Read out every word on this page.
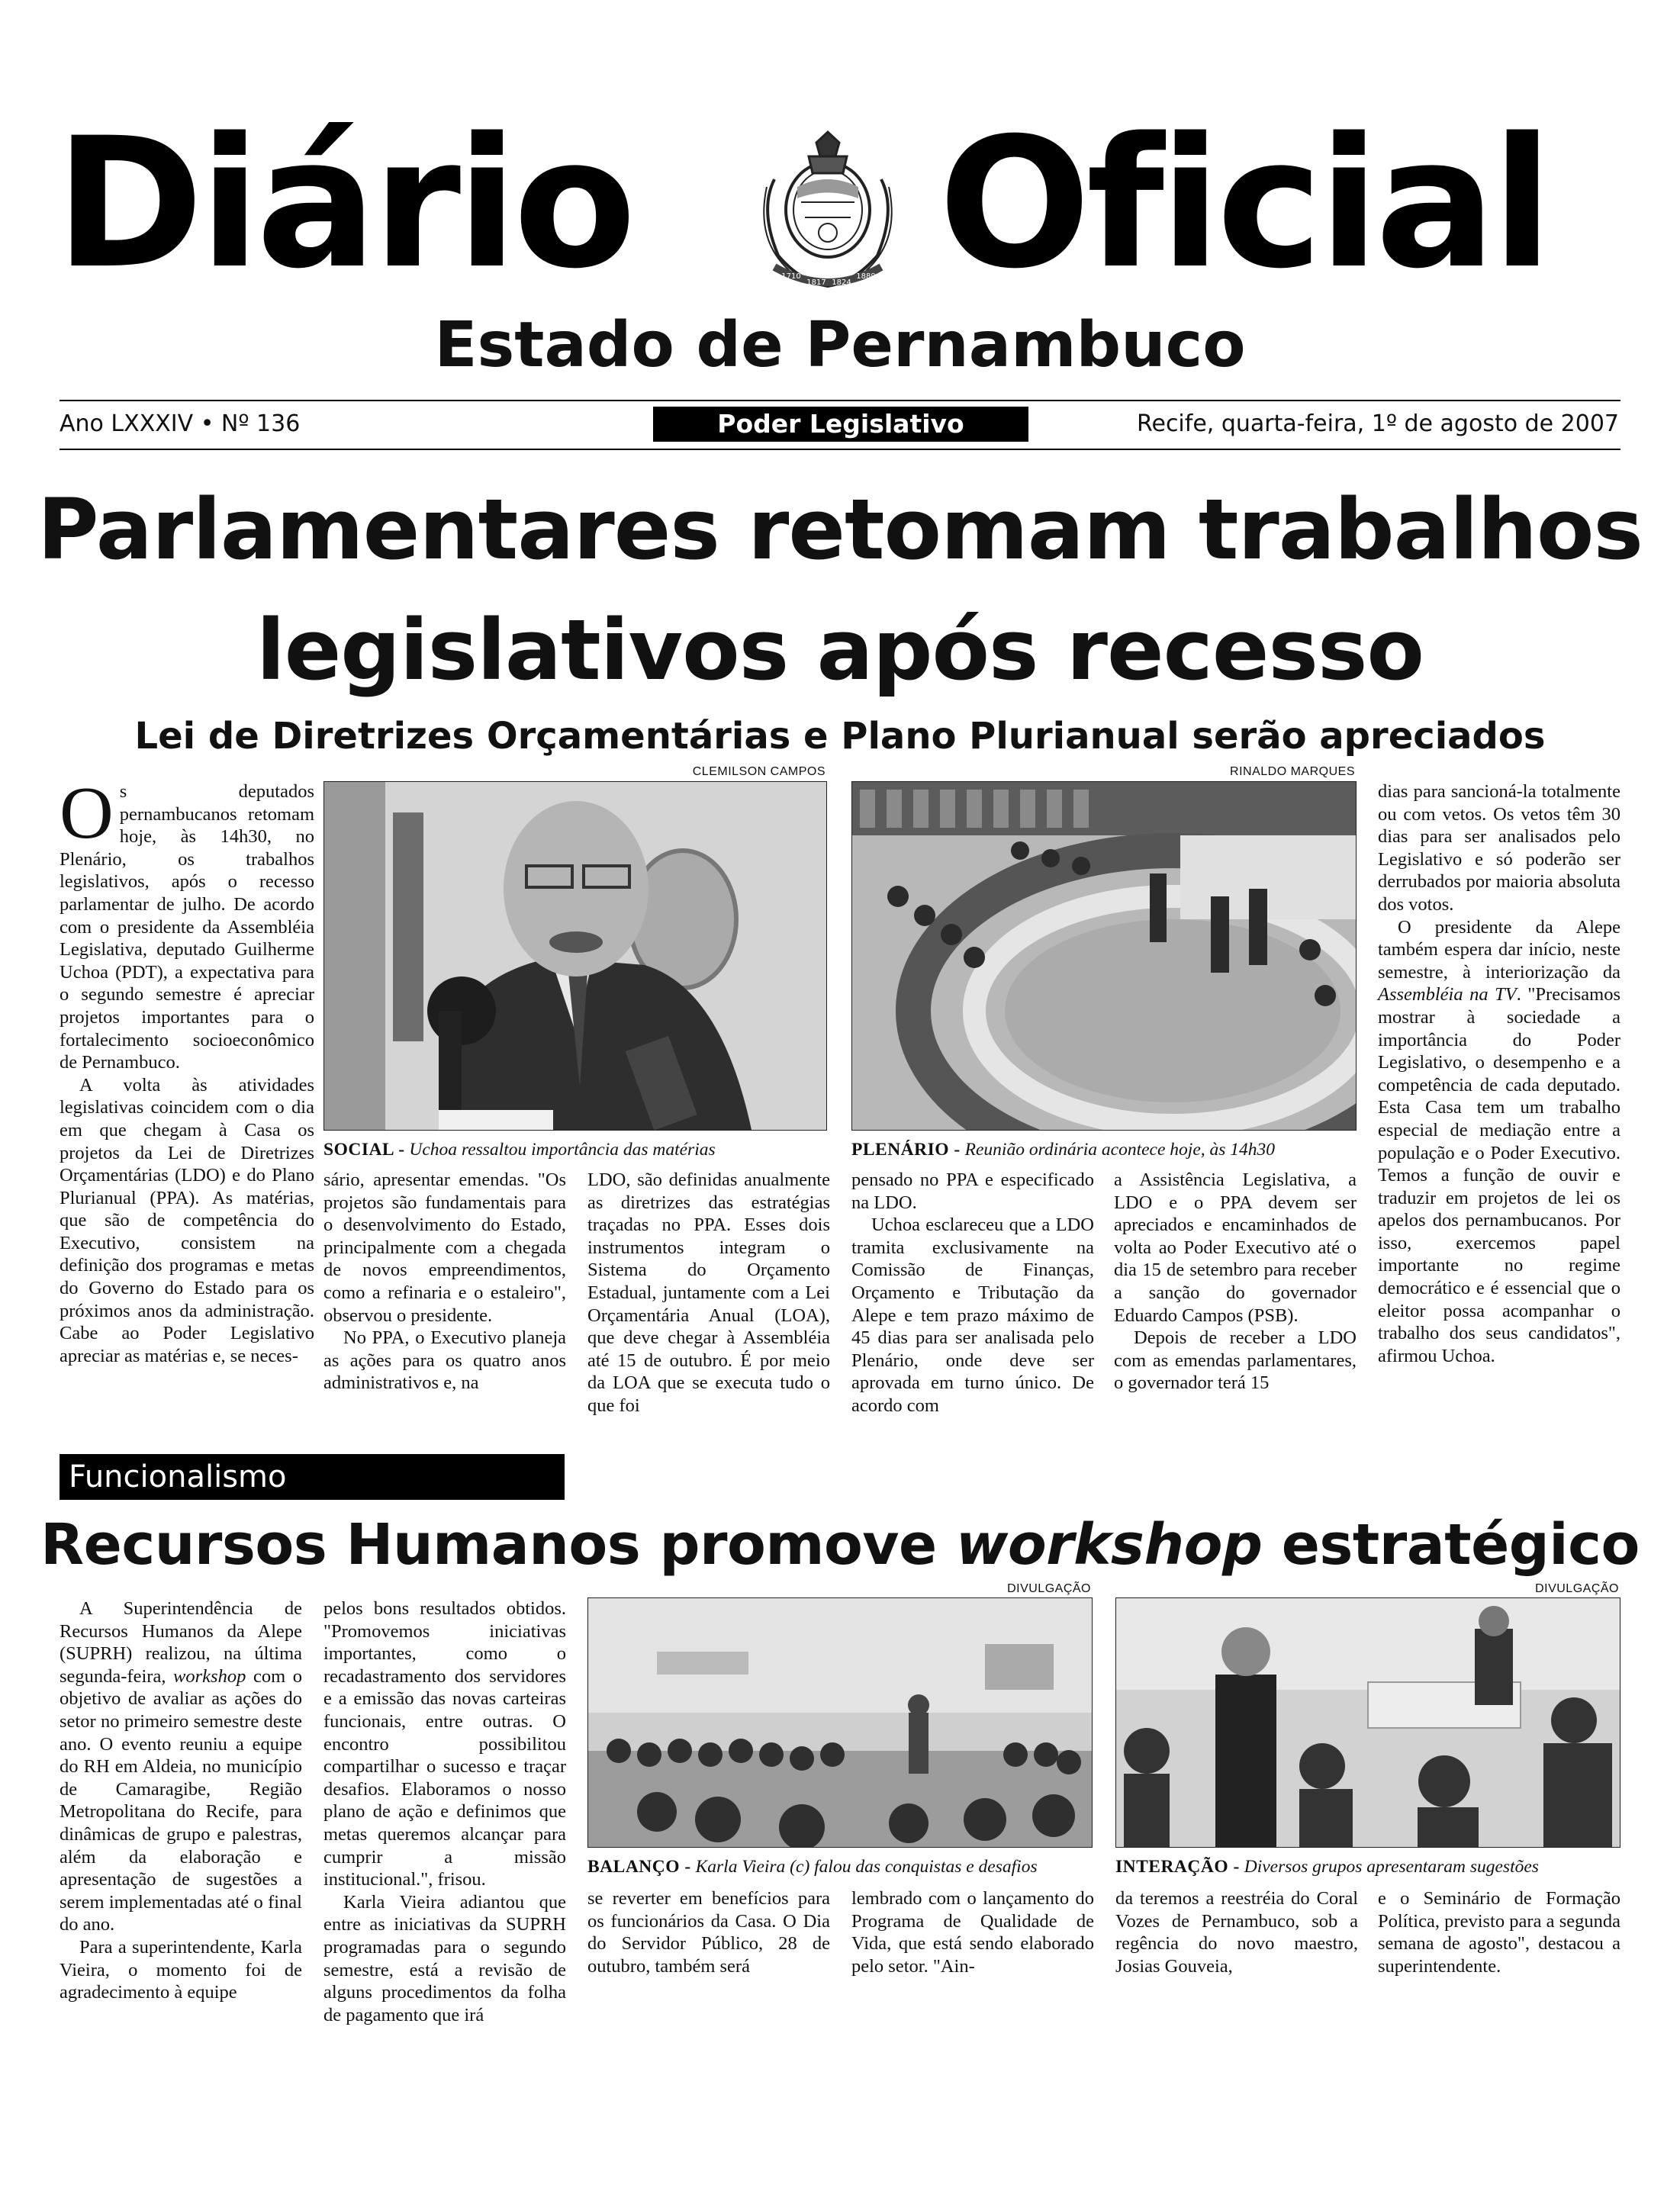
Diário Oficial
1710
1817 1824
1889
Estado de Pernambuco
Ano LXXXIV • Nº 136	Poder Legislativo	Recife, quarta-feira, 1º de agosto de 2007
Parlamentares retomam trabalhos legislativos após recesso
Lei de Diretrizes Orçamentárias e Plano Plurianual serão apreciados

Os deputados pernambucanos retomam hoje, às 14h30, no Plenário, os trabalhos legislativos, após o recesso parlamentar de julho. De acordo com o presidente da Assembléia Legislativa, deputado Guilherme Uchoa (PDT), a expectativa para o segundo semestre é apreciar projetos importantes para o fortalecimento socioeconômico de Pernambuco.

A volta às atividades legislativas coincidem com o dia em que chegam à Casa os projetos da Lei de Diretrizes Orçamentárias (LDO) e do Plano Plurianual (PPA). As matérias, que são de competência do Executivo, consistem na definição dos programas e metas do Governo do Estado para os próximos anos da administração. Cabe ao Poder Legislativo apreciar as matérias e, se neces-

CLEMILSON CAMPOS
SOCIAL - Uchoa ressaltou importância das matérias
RINALDO MARQUES
PLENÁRIO - Reunião ordinária acontece hoje, às 14h30

sário, apresentar emendas. "Os projetos são fundamentais para o desenvolvimento do Estado, principalmente com a chegada de novos empreendimentos, como a refinaria e o estaleiro", observou o presidente.

No PPA, o Executivo planeja as ações para os quatro anos administrativos e, na

LDO, são definidas anualmente as diretrizes das estratégias traçadas no PPA. Esses dois instrumentos integram o Sistema do Orçamento Estadual, juntamente com a Lei Orçamentária Anual (LOA), que deve chegar à Assembléia até 15 de outubro. É por meio da LOA que se executa tudo o que foi

pensado no PPA e especificado na LDO.

Uchoa esclareceu que a LDO tramita exclusivamente na Comissão de Finanças, Orçamento e Tributação da Alepe e tem prazo máximo de 45 dias para ser analisada pelo Plenário, onde deve ser aprovada em turno único. De acordo com

a Assistência Legislativa, a LDO e o PPA devem ser apreciados e encaminhados de volta ao Poder Executivo até o dia 15 de setembro para receber a sanção do governador Eduardo Campos (PSB).

Depois de receber a LDO com as emendas parlamentares, o governador terá 15

dias para sancioná-la totalmente ou com vetos. Os vetos têm 30 dias para ser analisados pelo Legislativo e só poderão ser derrubados por maioria absoluta dos votos.

O presidente da Alepe também espera dar início, neste semestre, à interiorização da Assembléia na TV. "Precisamos mostrar à sociedade a importância do Poder Legislativo, o desempenho e a competência de cada deputado. Esta Casa tem um trabalho especial de mediação entre a população e o Poder Executivo. Temos a função de ouvir e traduzir em projetos de lei os apelos dos pernambucanos. Por isso, exercemos papel importante no regime democrático e é essencial que o eleitor possa acompanhar o trabalho dos seus candidatos", afirmou Uchoa.

Funcionalismo
Recursos Humanos promove workshop estratégico

A Superintendência de Recursos Humanos da Alepe (SUPRH) realizou, na última segunda-feira, workshop com o objetivo de avaliar as ações do setor no primeiro semestre deste ano. O evento reuniu a equipe do RH em Aldeia, no município de Camaragibe, Região Metropolitana do Recife, para dinâmicas de grupo e palestras, além da elaboração e apresentação de sugestões a serem implementadas até o final do ano.

Para a superintendente, Karla Vieira, o momento foi de agradecimento à equipe

pelos bons resultados obtidos. "Promovemos iniciativas importantes, como o recadastramento dos servidores e a emissão das novas carteiras funcionais, entre outras. O encontro possibilitou compartilhar o sucesso e traçar desafios. Elaboramos o nosso plano de ação e definimos que metas queremos alcançar para cumprir a missão institucional.", frisou.

Karla Vieira adiantou que entre as iniciativas da SUPRH programadas para o segundo semestre, está a revisão de alguns procedimentos da folha de pagamento que irá

DIVULGAÇÃO
BALANÇO - Karla Vieira (c) falou das conquistas e desafios
DIVULGAÇÃO
INTERAÇÃO - Diversos grupos apresentaram sugestões

se reverter em benefícios para os funcionários da Casa. O Dia do Servidor Público, 28 de outubro, também será

lembrado com o lançamento do Programa de Qualidade de Vida, que está sendo elaborado pelo setor. "Ain-

da teremos a reestréia do Coral Vozes de Pernambuco, sob a regência do novo maestro, Josias Gouveia,

e o Seminário de Formação Política, previsto para a segunda semana de agosto", destacou a superintendente.
